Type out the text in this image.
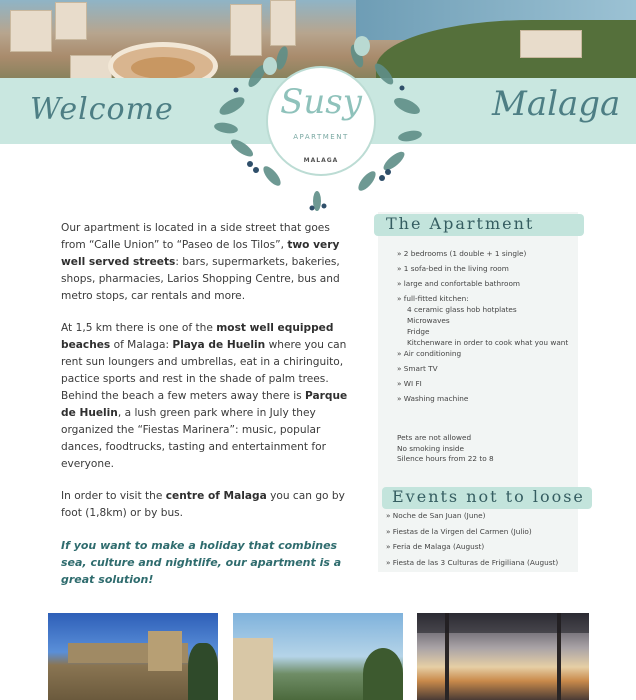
Welcome	Malaga
Susy
APARTMENT
MALAGA

Our apartment is located in a side street that goes from “Calle Union” to “Paseo de los Tilos”, two very well served streets: bars, supermarkets, bakeries, shops, pharmacies, Larios Shopping Centre, bus and metro stops, car rentals and more.

At 1,5 km there is one of the most well equipped beaches of Malaga: Playa de Huelin where you can rent sun loungers and umbrellas, eat in a chiringuito, pactice sports and rest in the shade of palm trees. Behind the beach a few meters away there is Parque de Huelin, a lush green park where in July they organized the “Fiestas Marinera”: music, popular dances, foodtrucks, tasting and entertainment for everyone.

In order to visit the centre of Malaga you can go by foot (1,8km) or by bus.

If you want to make a holiday that combines sea, culture and nightlife, our apartment is a great solution!

The Apartment
» 2 bedrooms (1 double + 1 single)
» 1 sofa-bed in the living room
» large and confortable bathroom
» full-fitted kitchen:
4 ceramic glass hob hotplates
Microwaves
Fridge
Kitchenware in order to cook what you want
» Air conditioning
» Smart TV
» WI FI
» Washing machine
Pets are not allowed
No smoking inside
Silence hours from 22 to 8
Events not to loose
» Noche de San Juan (June)
» Fiestas de la Virgen del Carmen (Julio)
» Feria de Malaga (August)
» Fiesta de las 3 Culturas de Frigiliana (August)
